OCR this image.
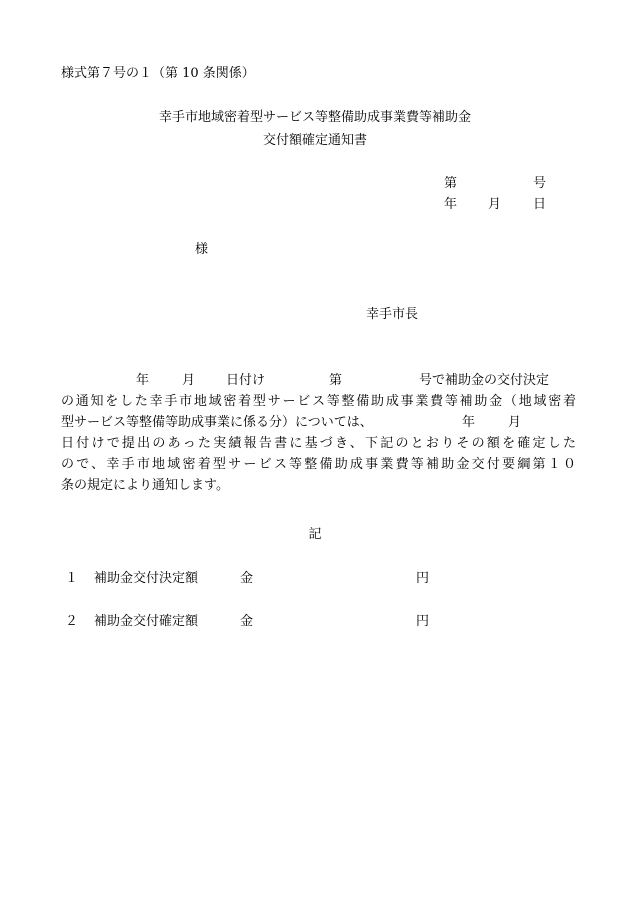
様式第７号の１（第 10 条関係）
幸手市地域密着型サービス等整備助成事業費等補助金
交付額確定通知書
第	号
年 月 日
様
幸手市長
年	月 日付け	第	号で補助金の交付決定
の通知をした幸手市地域密着型サービス等整備助成事業費等補助金（地域密着
型サービス等整備等助成事業に係る分）については、	年	月
日付けで提出のあった実績報告書に基づき、下記のとおりその額を確定した
ので、幸手市地域密着型サービス等整備助成事業費等補助金交付要綱第１０
条の規定により通知します。
記
１ 補助金交付決定額	金	円
２ 補助金交付確定額	金	円
